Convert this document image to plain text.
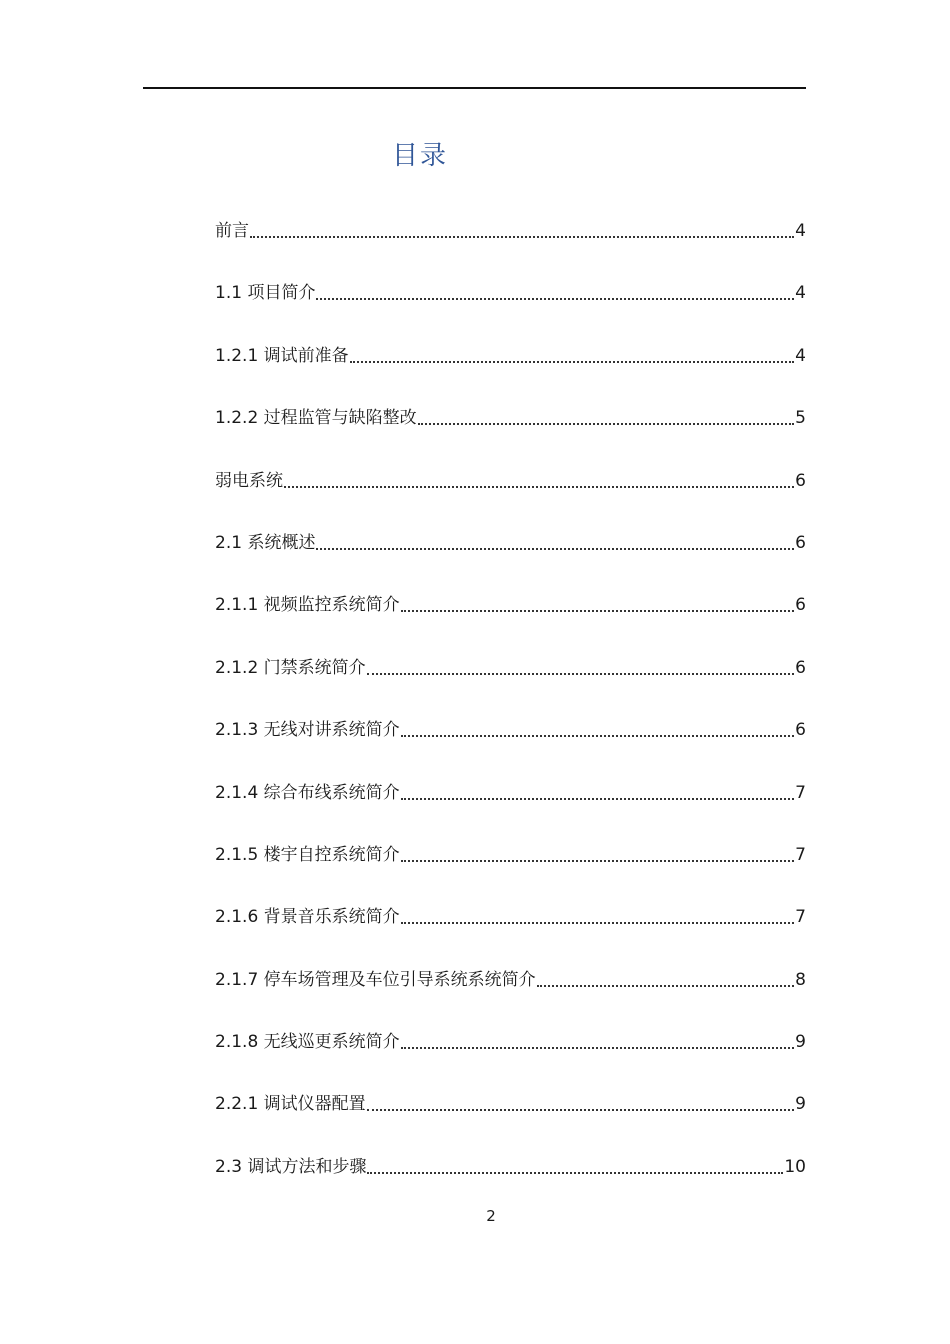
目录
前言	4
1.1 项目简介	4
1.2.1 调试前准备	4
1.2.2 过程监管与缺陷整改	5
弱电系统	6
2.1 系统概述	6
2.1.1 视频监控系统简介	6
2.1.2 门禁系统简介	6
2.1.3 无线对讲系统简介	6
2.1.4 综合布线系统简介	7
2.1.5 楼宇自控系统简介	7
2.1.6 背景音乐系统简介	7
2.1.7 停车场管理及车位引导系统系统简介	8
2.1.8 无线巡更系统简介	9
2.2.1 调试仪器配置	9
2.3 调试方法和步骤	10
2
